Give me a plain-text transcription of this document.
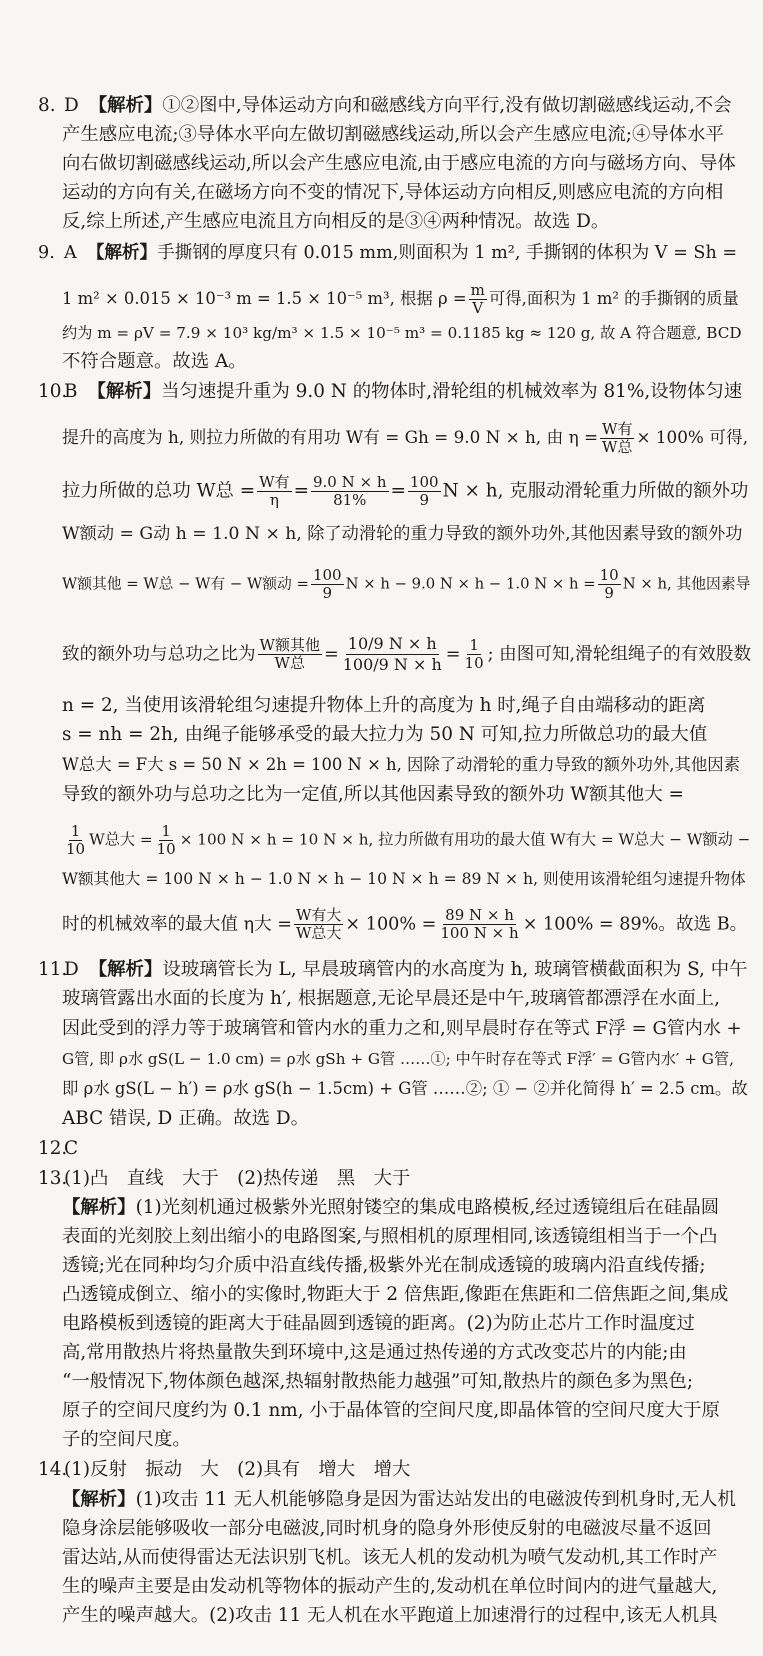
8. D 【解析】①②图中,导体运动方向和磁感线方向平行,没有做切割磁感线运动,不会
产生感应电流;③导体水平向左做切割磁感线运动,所以会产生感应电流;④导体水平
向右做切割磁感线运动,所以会产生感应电流,由于感应电流的方向与磁场方向、导体
运动的方向有关,在磁场方向不变的情况下,导体运动方向相反,则感应电流的方向相
反,综上所述,产生感应电流且方向相反的是③④两种情况。故选 D。
9. A 【解析】手撕钢的厚度只有 0.015 mm,则面积为 1 m², 手撕钢的体积为 V = Sh =
1 m² × 0.015 × 10⁻³ m = 1.5 × 10⁻⁵ m³, 根据 $\rho = \frac{m}{V}$ 可得,面积为 1 m² 的手撕钢的质量
约为 m = ρV = 7.9 × 10³ kg/m³ × 1.5 × 10⁻⁵ m³ = 0.1185 kg ≈ 120 g, 故 A 符合题意, BCD
不符合题意。故选 A。
10.B 【解析】当匀速提升重为 9.0 N 的物体时,滑轮组的机械效率为 81%,设物体匀速
提升的高度为 h, 则拉力所做的有用功 W有 = Gh = 9.0 N × h, 由 $\eta = \frac{\text{W有}}{\text{W总}} \times 100\%$ 可得,
拉力所做的总功 W总 = $\frac{\text{W有}}{\eta} = \frac{9.0 N \times h}{81\%} = \frac{100}{9}$ N × h, 克服动滑轮重力所做的额外功
W额动 = G动 h = 1.0 N × h, 除了动滑轮的重力导致的额外功外,其他因素导致的额外功
W额其他 = W总 − W有 − W额动 = $\frac{100}{9}$ N × h − 9.0 N × h − 1.0 $N \times h = \frac{10}{9}$ N × h, 其他因素导
致的额外功与总功之比为 $\frac{\text{W额其他}}{\text{W总}} = \frac{10/9 N \times h}{100/9 N \times h} = \frac{1}{10}$ ; 由图可知,滑轮组绳子的有效股数
n = 2, 当使用该滑轮组匀速提升物体上升的高度为 h 时,绳子自由端移动的距离
s = nh = 2h, 由绳子能够承受的最大拉力为 50 N 可知,拉力所做总功的最大值
W总大 = F大 s = 50 N × 2h = 100 N × h, 因除了动滑轮的重力导致的额外功外,其他因素
导致的额外功与总功之比为一定值,所以其他因素导致的额外功 W额其他大 =
$\frac{1}{10}$ W总大 = $\frac{1}{10} \times 100$ N × h = 10 N × h, 拉力所做有用功的最大值 W有大 = W总大 − W额动 −
W额其他大 = 100 N × h − 1.0 N × h − 10 N × h = 89 N × h, 则使用该滑轮组匀速提升物体
时的机械效率的最大值 η大 = $\frac{\text{W有大}}{\text{W总大}} \times 100\% = \frac{89 N \times h}{100 N \times h} \times 100\% = 89\%$。故选 B。
11.D 【解析】设玻璃管长为 L, 早晨玻璃管内的水高度为 h, 玻璃管横截面积为 S, 中午
玻璃管露出水面的长度为 h′, 根据题意,无论早晨还是中午,玻璃管都漂浮在水面上,
因此受到的浮力等于玻璃管和管内水的重力之和,则早晨时存在等式 F浮 = G管内水 +
G管, 即 ρ水 gS(L − 1.0 cm) = ρ水 gSh + G管 ……①; 中午时存在等式 F浮′ = G管内水′ + G管,
即 ρ水 gS(L − h′) = ρ水 gS(h − 1.5cm) + G管 ……②; ① − ②并化简得 h′ = 2.5 cm。故
ABC 错误, D 正确。故选 D。
12.C
13.(1)凸　直线　大于　(2)热传递　黑　大于
【解析】(1)光刻机通过极紫外光照射镂空的集成电路模板,经过透镜组后在硅晶圆
表面的光刻胶上刻出缩小的电路图案,与照相机的原理相同,该透镜组相当于一个凸
透镜;光在同种均匀介质中沿直线传播,极紫外光在制成透镜的玻璃内沿直线传播;
凸透镜成倒立、缩小的实像时,物距大于 2 倍焦距,像距在焦距和二倍焦距之间,集成
电路模板到透镜的距离大于硅晶圆到透镜的距离。(2)为防止芯片工作时温度过
高,常用散热片将热量散失到环境中,这是通过热传递的方式改变芯片的内能;由
“一般情况下,物体颜色越深,热辐射散热能力越强”可知,散热片的颜色多为黑色;
原子的空间尺度约为 0.1 nm, 小于晶体管的空间尺度,即晶体管的空间尺度大于原
子的空间尺度。
14.(1)反射　振动　大　(2)具有　增大　增大
【解析】(1)攻击 11 无人机能够隐身是因为雷达站发出的电磁波传到机身时,无人机
隐身涂层能够吸收一部分电磁波,同时机身的隐身外形使反射的电磁波尽量不返回
雷达站,从而使得雷达无法识别飞机。该无人机的发动机为喷气发动机,其工作时产
生的噪声主要是由发动机等物体的振动产生的,发动机在单位时间内的进气量越大,
产生的噪声越大。(2)攻击 11 无人机在水平跑道上加速滑行的过程中,该无人机具
